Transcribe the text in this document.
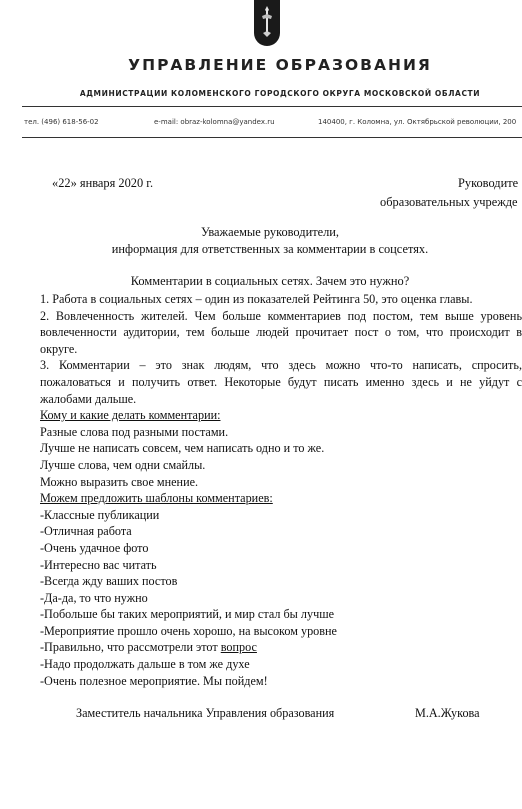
УПРАВЛЕНИЕ ОБРАЗОВАНИЯ
АДМИНИСТРАЦИИ КОЛОМЕНСКОГО ГОРОДСКОГО ОКРУГА МОСКОВСКОЙ ОБЛАСТИ
тел. (496) 618-56-02	e-mail: obraz-kolomna@yandex.ru	140400, г. Коломна, ул. Октябрьской революции, 200
«22» января 2020 г.	Руководите
образовательных учрежде
Уважаемые руководители,
информация для ответственных за комментарии в соцсетях.
Комментарии в социальных сетях. Зачем это нужно?
1. Работа в социальных сетях – один из показателей Рейтинга 50, это оценка главы.
2. Вовлеченность жителей. Чем больше комментариев под постом, тем выше уровень
вовлеченности аудитории, тем больше людей прочитает пост о том, что происходит в
округе.
3. Комментарии – это знак людям, что здесь можно что-то написать, спросить,
пожаловаться и получить ответ. Некоторые будут писать именно здесь и не уйдут с
жалобами дальше.
Кому и какие делать комментарии:
Разные слова под разными постами.
Лучше не написать совсем, чем написать одно и то же.
Лучше слова, чем одни смайлы.
Можно выразить свое мнение.
Можем предложить шаблоны комментариев:
-Классные публикации
-Отличная работа
-Очень удачное фото
-Интересно вас читать
-Всегда жду ваших постов
-Да-да, то что нужно
-Побольше бы таких мероприятий, и мир стал бы лучше
-Мероприятие прошло очень хорошо, на высоком уровне
-Правильно, что рассмотрели этот вопрос
-Надо продолжать дальше в том же духе
-Очень полезное мероприятие. Мы пойдем!
Заместитель начальника Управления образования	М.А.Жукова
